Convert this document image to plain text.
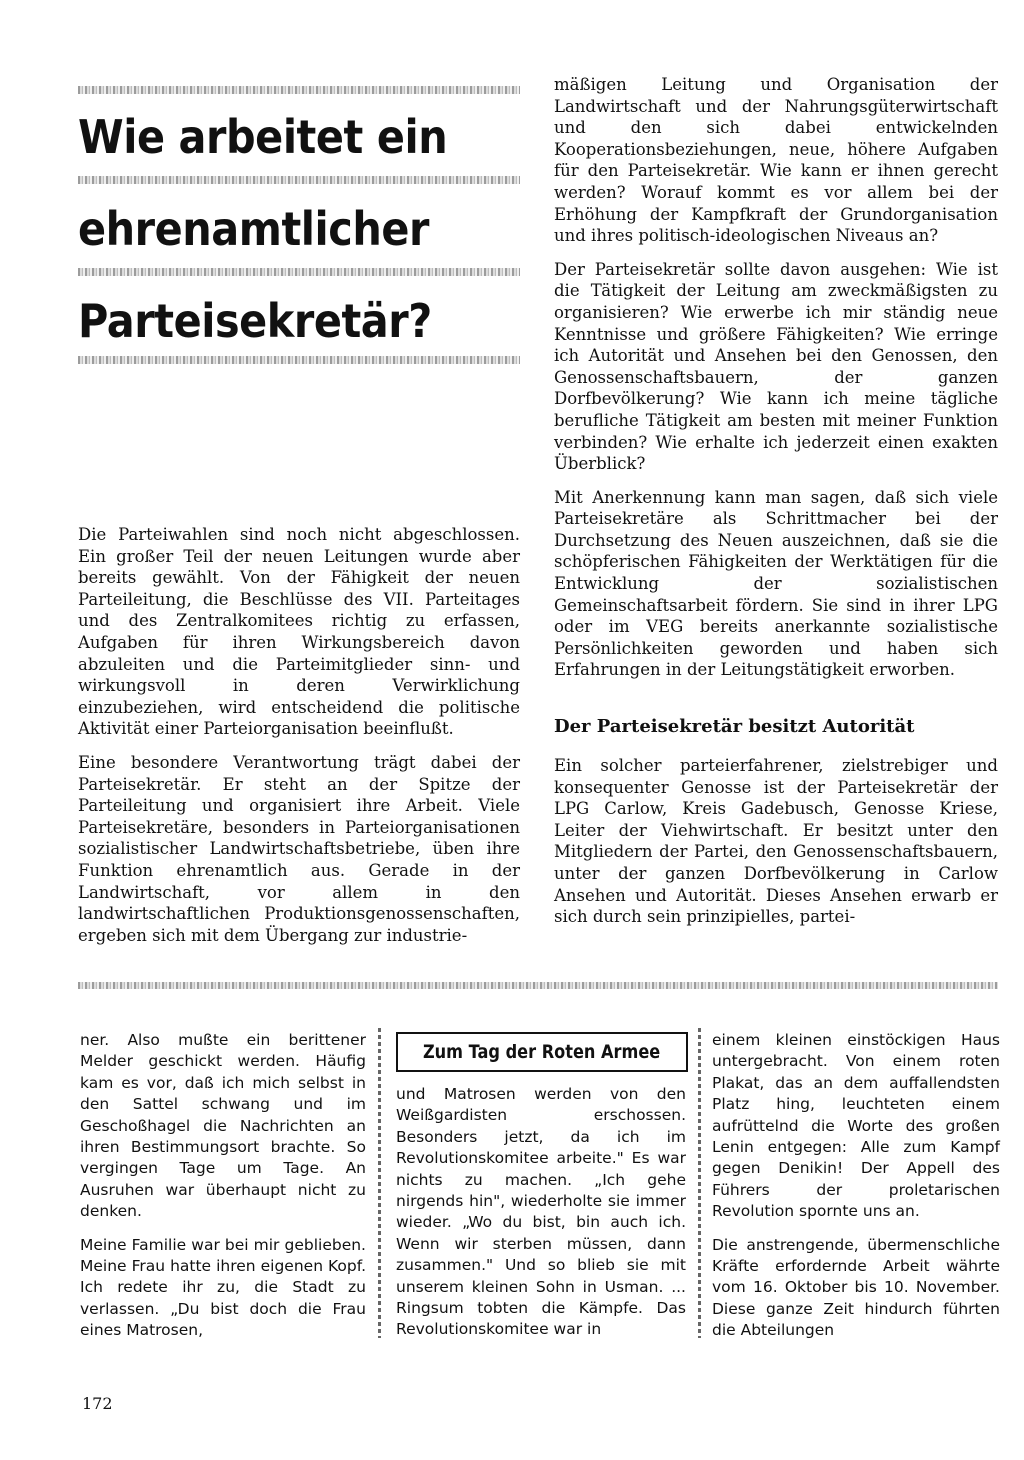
Wie arbeitet ein
ehrenamtlicher
Parteisekretär?

Die Parteiwahlen sind noch nicht abgeschlossen. Ein großer Teil der neuen Leitungen wurde aber bereits gewählt. Von der Fähigkeit der neuen Parteileitung, die Beschlüsse des VII. Parteitages und des Zentralkomitees richtig zu erfassen, Aufgaben für ihren Wirkungsbereich davon abzuleiten und die Parteimitglieder sinn- und wirkungsvoll in deren Verwirklichung einzubeziehen, wird entscheidend die politische Aktivität einer Parteiorganisation beeinflußt.

Eine besondere Verantwortung trägt dabei der Parteisekretär. Er steht an der Spitze der Parteileitung und organisiert ihre Arbeit. Viele Parteisekretäre, besonders in Parteiorganisationen sozialistischer Landwirtschaftsbetriebe, üben ihre Funktion ehrenamtlich aus. Gerade in der Landwirtschaft, vor allem in den landwirtschaftlichen Produktionsgenossenschaften, ergeben sich mit dem Übergang zur industrie-

mäßigen Leitung und Organisation der Landwirtschaft und der Nahrungsgüterwirtschaft und den sich dabei entwickelnden Kooperationsbeziehungen, neue, höhere Aufgaben für den Parteisekretär. Wie kann er ihnen gerecht werden? Worauf kommt es vor allem bei der Erhöhung der Kampfkraft der Grundorganisation und ihres politisch-ideologischen Niveaus an?

Der Parteisekretär sollte davon ausgehen: Wie ist die Tätigkeit der Leitung am zweckmäßigsten zu organisieren? Wie erwerbe ich mir ständig neue Kenntnisse und größere Fähigkeiten? Wie erringe ich Autorität und Ansehen bei den Genossen, den Genossenschaftsbauern, der ganzen Dorfbevölkerung? Wie kann ich meine tägliche berufliche Tätigkeit am besten mit meiner Funktion verbinden? Wie erhalte ich jederzeit einen exakten Überblick?

Mit Anerkennung kann man sagen, daß sich viele Parteisekretäre als Schrittmacher bei der Durchsetzung des Neuen auszeichnen, daß sie die schöpferischen Fähigkeiten der Werktätigen für die Entwicklung der sozialistischen Gemeinschaftsarbeit fördern. Sie sind in ihrer LPG oder im VEG bereits anerkannte sozialistische Persönlichkeiten geworden und haben sich Erfahrungen in der Leitungstätigkeit erworben.

Der Parteisekretär besitzt Autorität

Ein solcher parteierfahrener, zielstrebiger und konsequenter Genosse ist der Parteisekretär der LPG Carlow, Kreis Gadebusch, Genosse Kriese, Leiter der Viehwirtschaft. Er besitzt unter den Mitgliedern der Partei, den Genossenschaftsbauern, unter der ganzen Dorfbevölkerung in Carlow Ansehen und Autorität. Dieses Ansehen erwarb er sich durch sein prinzipielles, partei-

ner. Also mußte ein berittener Melder geschickt werden. Häufig kam es vor, daß ich mich selbst in den Sattel schwang und im Geschoßhagel die Nachrichten an ihren Bestimmungsort brachte. So vergingen Tage um Tage. An Ausruhen war überhaupt nicht zu denken.

Meine Familie war bei mir geblieben. Meine Frau hatte ihren eigenen Kopf. Ich redete ihr zu, die Stadt zu verlassen. „Du bist doch die Frau eines Matrosen,

Zum Tag der Roten Armee

und Matrosen werden von den Weißgardisten erschossen. Besonders jetzt, da ich im Revolutionskomitee arbeite." Es war nichts zu machen. „Ich gehe nirgends hin", wiederholte sie immer wieder. „Wo du bist, bin auch ich. Wenn wir sterben müssen, dann zusammen." Und so blieb sie mit unserem kleinen Sohn in Usman. ... Ringsum tobten die Kämpfe. Das Revolutionskomitee war in

einem kleinen einstöckigen Haus untergebracht. Von einem roten Plakat, das an dem auffallendsten Platz hing, leuchteten einem aufrüttelnd die Worte des großen Lenin entgegen: Alle zum Kampf gegen Denikin! Der Appell des Führers der proletarischen Revolution spornte uns an.

Die anstrengende, übermenschliche Kräfte erfordernde Arbeit währte vom 16. Oktober bis 10. November. Diese ganze Zeit hindurch führten die Abteilungen

172
